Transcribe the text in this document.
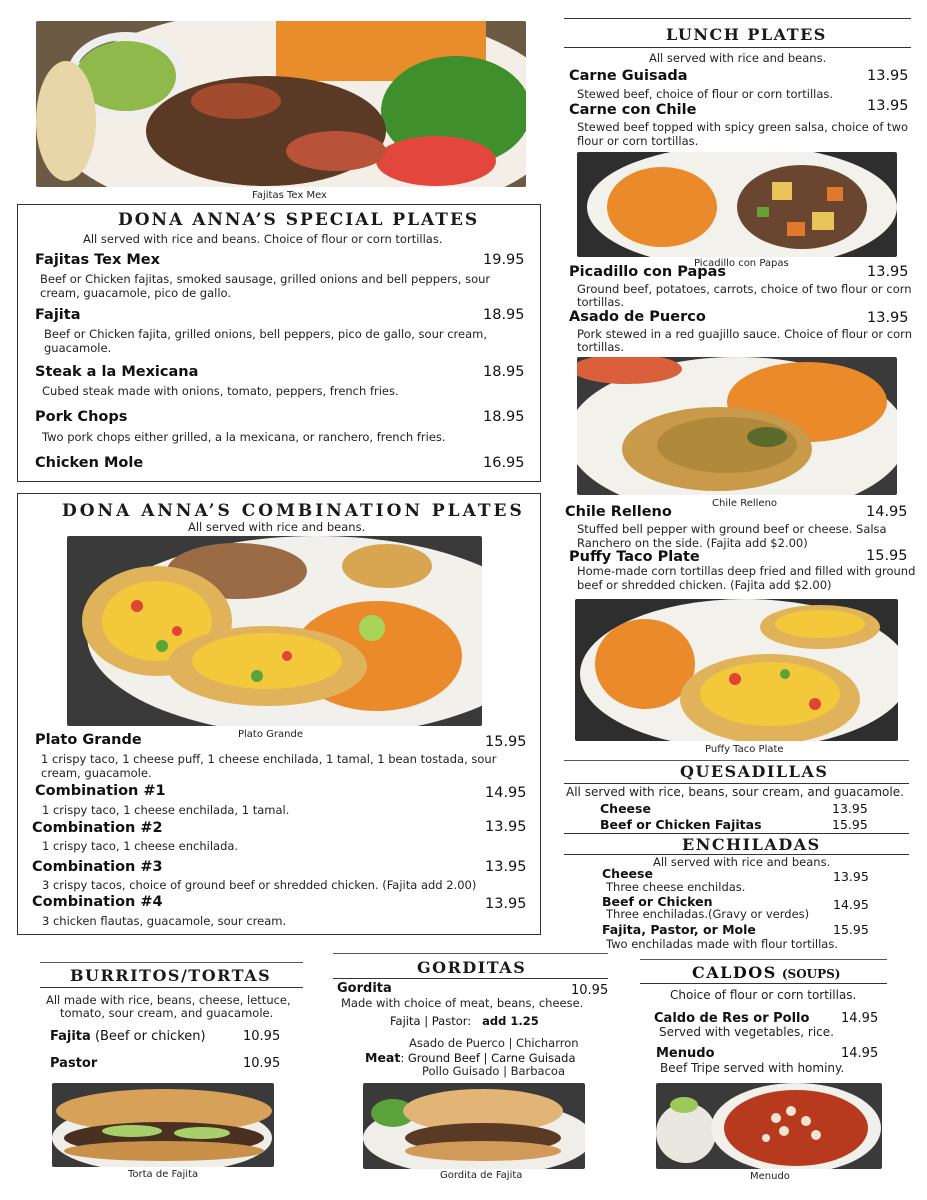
Fajitas Tex Mex
DONA ANNA’S SPECIAL PLATES
All served with rice and beans. Choice of flour or corn tortillas.
Fajitas Tex Mex	19.95
Beef or Chicken fajitas, smoked sausage, grilled onions and bell peppers, sour cream, guacamole, pico de gallo.
Fajita	18.95
Beef or Chicken fajita, grilled onions, bell peppers, pico de gallo, sour cream, guacamole.
Steak a la Mexicana	18.95
Cubed steak made with onions, tomato, peppers, french fries.
Pork Chops	18.95
Two pork chops either grilled, a la mexicana, or ranchero, french fries.
Chicken Mole	16.95
DONA ANNA’S COMBINATION PLATES
All served with rice and beans.
Plato Grande
Plato Grande	15.95
1 crispy taco, 1 cheese puff, 1 cheese enchilada, 1 tamal, 1 bean tostada, sour cream, guacamole.
Combination #1	14.95
1 crispy taco, 1 cheese enchilada, 1 tamal.
Combination #2	13.95
1 crispy taco, 1 cheese enchilada.
Combination #3	13.95
3 crispy tacos, choice of ground beef or shredded chicken. (Fajita add 2.00)
Combination #4	13.95
3 chicken flautas, guacamole, sour cream.
LUNCH PLATES
All served with rice and beans.
Carne Guisada	13.95
Stewed beef, choice of flour or corn tortillas.
Carne con Chile	13.95
Stewed beef topped with spicy green salsa, choice of two flour or corn tortillas.
Picadillo con Papas
Picadillo con Papas	13.95
Ground beef, potatoes, carrots, choice of two flour or corn tortillas.
Asado de Puerco	13.95
Pork stewed in a red guajillo sauce. Choice of flour or corn tortillas.
Chile Relleno
Chile Relleno	14.95
Stuffed bell pepper with ground beef or cheese. Salsa Ranchero on the side. (Fajita add $2.00)
Puffy Taco Plate	15.95
Home-made corn tortillas deep fried and filled with ground beef or shredded chicken. (Fajita add $2.00)
Puffy Taco Plate
QUESADILLAS
All served with rice, beans, sour cream, and guacamole.
Cheese	13.95
Beef or Chicken Fajitas	15.95
ENCHILADAS
All served with rice and beans.
Cheese	13.95
Three cheese enchildas.
Beef or Chicken	14.95
Three enchiladas.(Gravy or verdes)
Fajita, Pastor, or Mole	15.95
Two enchiladas made with flour tortillas.
BURRITOS/TORTAS
All made with rice, beans, cheese, lettuce,
tomato, sour cream, and guacamole.
Fajita (Beef or chicken)	10.95
Pastor	10.95
Torta de Fajita
GORDITAS
Gordita	10.95
Made with choice of meat, beans, cheese.
Fajita | Pastor: add 1.25
Asado de Puerco | Chicharron
Meat: Ground Beef | Carne Guisada
Pollo Guisado | Barbacoa
Gordita de Fajita
CALDOS (SOUPS)
Choice of flour or corn tortillas.
Caldo de Res or Pollo 14.95
Served with vegetables, rice.
Menudo	14.95
Beef Tripe served with hominy.
Menudo
